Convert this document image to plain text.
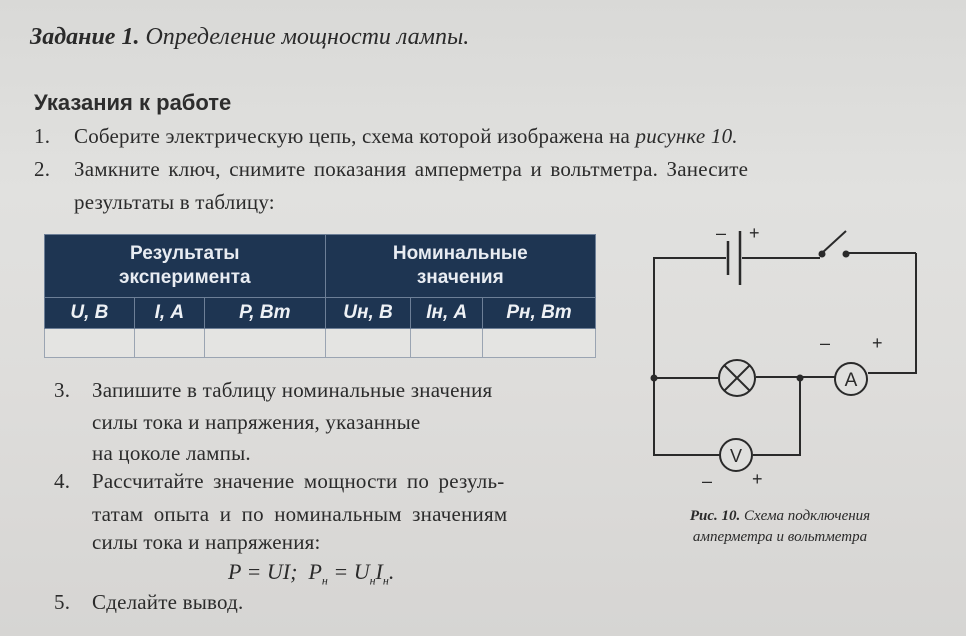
Задание 1. Определение мощности лампы.
Указания к работе
1. Соберите электрическую цепь, схема которой изображена на рисунке 10.
2. Замкните ключ, снимите показания амперметра и вольтметра. Занесите
результаты в таблицу:
Результаты эксперимента			Номинальные значения		
U, В	I, А	P, Вт	Uн, В	Iн, А	Pн, Вт

3. Запишите в таблицу номинальные значения
силы тока и напряжения, указанные
на цоколе лампы.
4. Рассчитайте значение мощности по резуль-
татам опыта и по номинальным значениям
силы тока и напряжения:
P = UI; $P_н = U_нI_н$.
5. Сделайте вывод.
A
V
– +
– +
– +
Рис. 10. Схема подключения
амперметра и вольтметра
